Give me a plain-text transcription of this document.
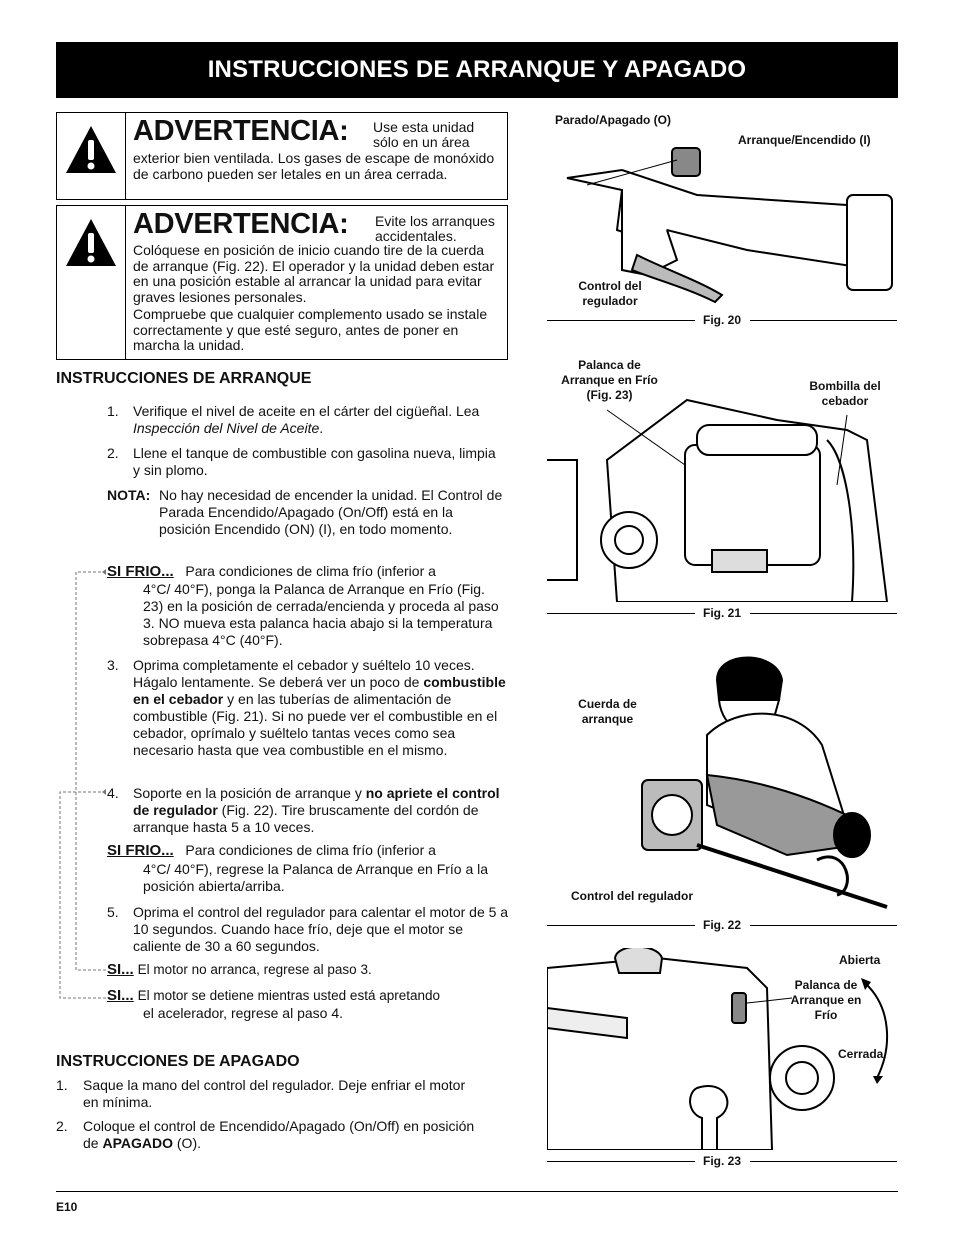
INSTRUCCIONES DE ARRANQUE Y APAGADO
ADVERTENCIA: Use esta unidad sólo en un área
exterior bien ventilada. Los gases de escape de monóxido de carbono pueden ser letales en un área cerrada.
ADVERTENCIA: Evite los arranques accidentales.
Colóquese en posición de inicio cuando tire de la cuerda de arranque (Fig. 22). El operador y la unidad deben estar en una posición estable al arrancar la unidad para evitar graves lesiones personales.
Compruebe que cualquier complemento usado se instale correctamente y que esté seguro, antes de poner en marcha la unidad.
INSTRUCCIONES DE ARRANQUE
1. Verifique el nivel de aceite en el cárter del cigüeñal. Lea Inspección del Nivel de Aceite.
2. Llene el tanque de combustible con gasolina nueva, limpia y sin plomo.
NOTA: No hay necesidad de encender la unidad. El Control de Parada Encendido/Apagado (On/Off) está en la posición Encendido (ON) (I), en todo momento.
SI FRIO... Para condiciones de clima frío (inferior a
4°C/ 40°F), ponga la Palanca de Arranque en Frío (Fig. 23) en la posición de cerrada/encienda y proceda al paso 3. NO mueva esta palanca hacia abajo si la temperatura sobrepasa 4°C (40°F).
3. Oprima completamente el cebador y suéltelo 10 veces. Hágalo lentamente. Se deberá ver un poco de combustible en el cebador y en las tuberías de alimentación de combustible (Fig. 21). Si no puede ver el combustible en el cebador, oprímalo y suéltelo tantas veces como sea necesario hasta que vea combustible en el mismo.
4. Soporte en la posición de arranque y no apriete el control de regulador (Fig. 22). Tire bruscamente del cordón de arranque hasta 5 a 10 veces.
SI FRIO... Para condiciones de clima frío (inferior a
4°C/ 40°F), regrese la Palanca de Arranque en Frío a la posición abierta/arriba.
5. Oprima el control del regulador para calentar el motor de 5 a 10 segundos. Cuando hace frío, deje que el motor se caliente de 30 a 60 segundos.
SI... El motor no arranca, regrese al paso 3.
SI... El motor se detiene mientras usted está apretando
el acelerador, regrese al paso 4.
INSTRUCCIONES DE APAGADO
1. Saque la mano del control del regulador. Deje enfriar el motor en mínima.
2. Coloque el control de Encendido/Apagado (On/Off) en posición de APAGADO (O).
Parado/Apagado (O)
Arranque/Encendido (I)
Control del regulador
Fig. 20
Palanca de Arranque en Frío (Fig. 23)
Bombilla del cebador
Fig. 21
Cuerda de arranque
Control del regulador
Fig. 22
Abierta
Palanca de Arranque en Frío
Cerrada
Fig. 23
E10
